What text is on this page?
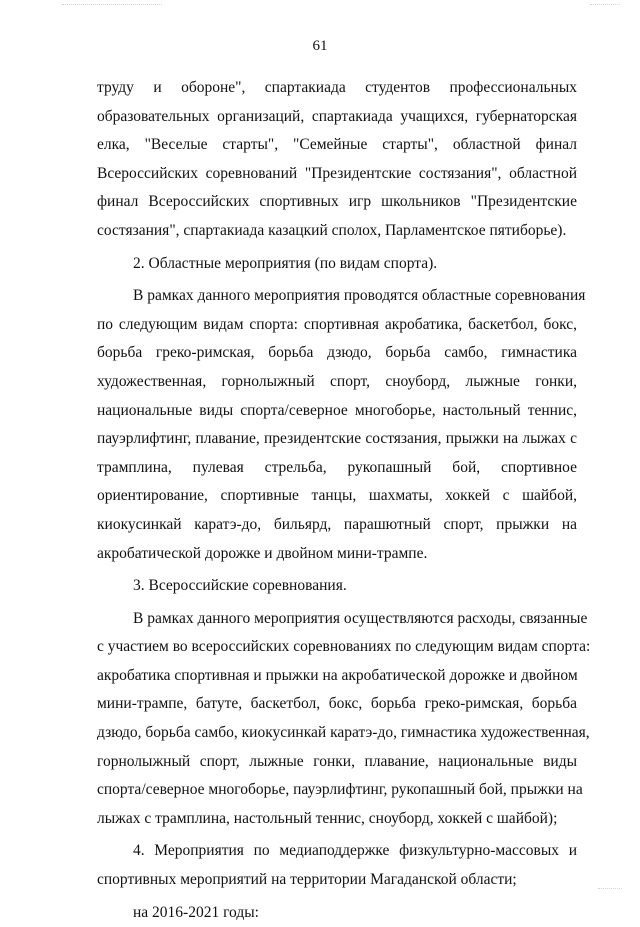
61

труду и обороне", спартакиада студентов профессиональных
образовательных организаций, спартакиада учащихся, губернаторская
елка, "Веселые старты", "Семейные старты", областной финал
Всероссийских соревнований "Президентские состязания", областной
финал Всероссийских спортивных игр школьников "Президентские
состязания", спартакиада казацкий сполох, Парламентское пятиборье).

2. Областные мероприятия (по видам спорта).

В рамках данного мероприятия проводятся областные соревнования
по следующим видам спорта: спортивная акробатика, баскетбол, бокс,
борьба греко-римская, борьба дзюдо, борьба самбо, гимнастика
художественная, горнолыжный спорт, сноуборд, лыжные гонки,
национальные виды спорта/северное многоборье, настольный теннис,
пауэрлифтинг, плавание, президентские состязания, прыжки на лыжах с
трамплина, пулевая стрельба, рукопашный бой, спортивное
ориентирование, спортивные танцы, шахматы, хоккей с шайбой,
киокусинкай каратэ-до, бильярд, парашютный спорт, прыжки на
акробатической дорожке и двойном мини-трампе.

3. Всероссийские соревнования.

В рамках данного мероприятия осуществляются расходы, связанные
с участием во всероссийских соревнованиях по следующим видам спорта:
акробатика спортивная и прыжки на акробатической дорожке и двойном
мини-трампе, батуте, баскетбол, бокс, борьба греко-римская, борьба
дзюдо, борьба самбо, киокусинкай каратэ-до, гимнастика художественная,
горнолыжный спорт, лыжные гонки, плавание, национальные виды
спорта/северное многоборье, пауэрлифтинг, рукопашный бой, прыжки на
лыжах с трамплина, настольный теннис, сноуборд, хоккей с шайбой);

4. Мероприятия по медиаподдержке физкультурно-массовых и
спортивных мероприятий на территории Магаданской области;

на 2016-2021 годы:
